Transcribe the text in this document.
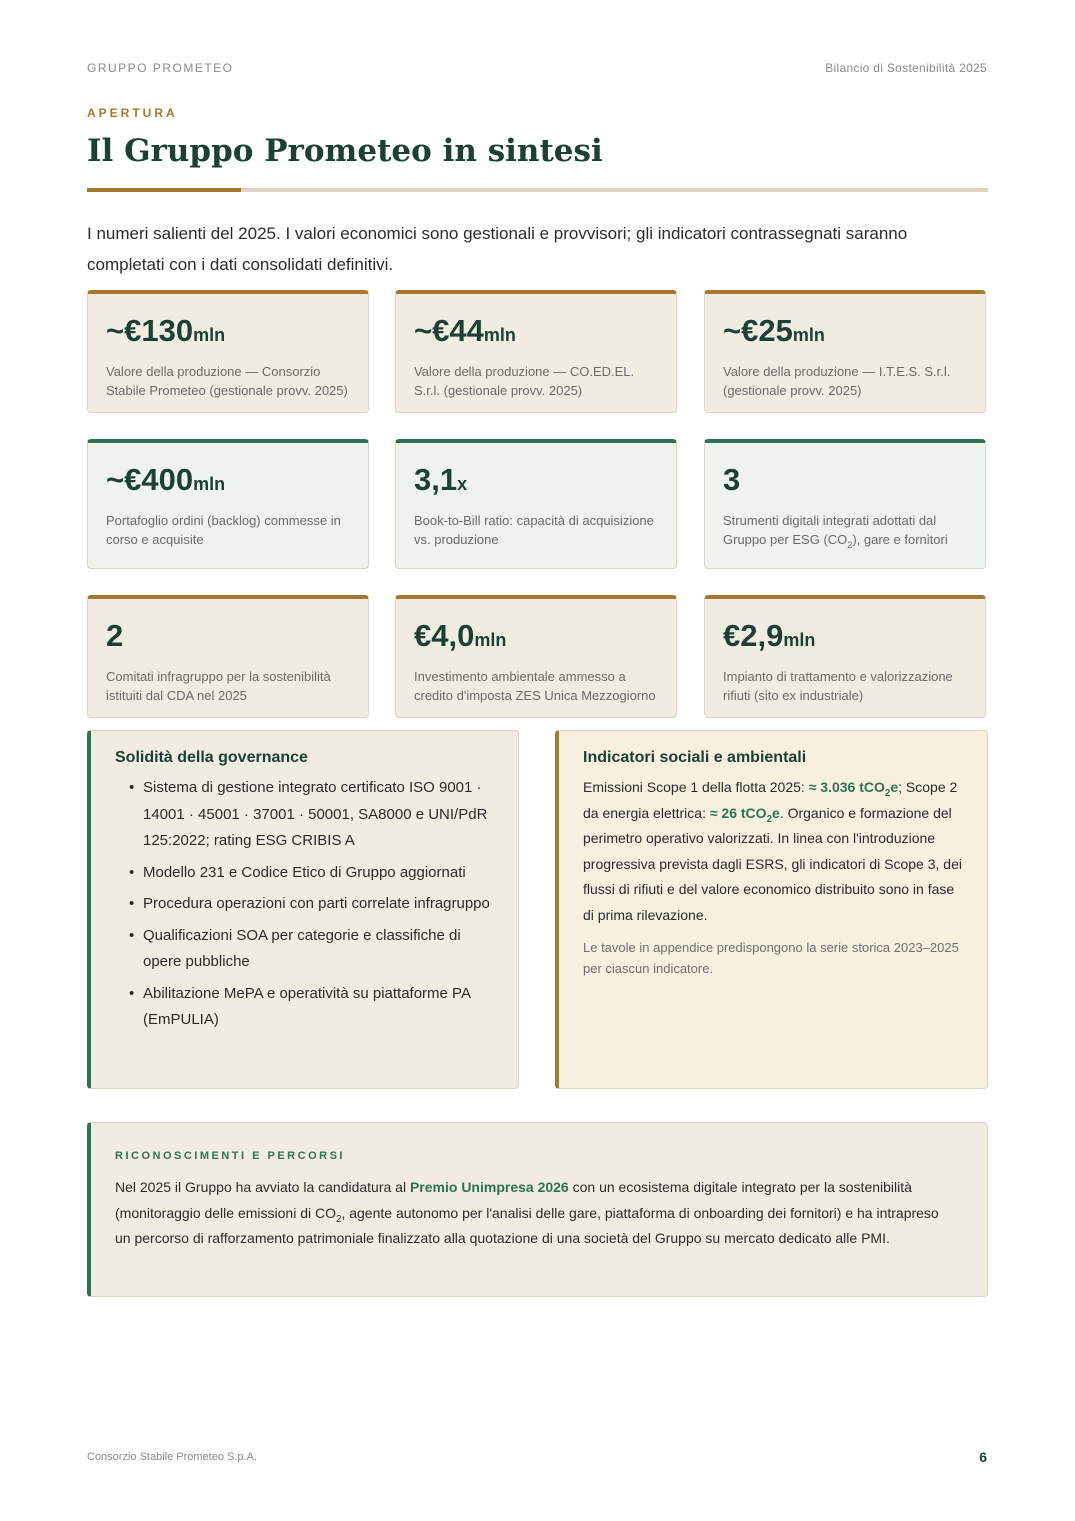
GRUPPO PROMETEO	Bilancio di Sostenibilità 2025
APERTURA
Il Gruppo Prometeo in sintesi

I numeri salienti del 2025. I valori economici sono gestionali e provvisori; gli indicatori contrassegnati saranno completati con i dati consolidati definitivi.

~€130mln
Valore della produzione — Consorzio Stabile Prometeo (gestionale provv. 2025)
~€44mln
Valore della produzione — CO.ED.EL. S.r.l. (gestionale provv. 2025)
~€25mln
Valore della produzione — I.T.E.S. S.r.l. (gestionale provv. 2025)
~€400mln
Portafoglio ordini (backlog) commesse in corso e acquisite
3,1x
Book-to-Bill ratio: capacità di acquisizione vs. produzione
3
Strumenti digitali integrati adottati dal Gruppo per ESG $(CO_2)$, gare e fornitori
2
Comitati infragruppo per la sostenibilità istituiti dal CDA nel 2025
€4,0mln
Investimento ambientale ammesso a credito d'imposta ZES Unica Mezzogiorno
€2,9mln
Impianto di trattamento e valorizzazione rifiuti (sito ex industriale)
Solidità della governance
• Sistema di gestione integrato certificato ISO 9001 · 14001 · 45001 · 37001 · 50001, SA8000 e UNI/PdR 125:2022; rating ESG CRIBIS A
• Modello 231 e Codice Etico di Gruppo aggiornati
• Procedura operazioni con parti correlate infragruppo
• Qualificazioni SOA per categorie e classifiche di opere pubbliche
• Abilitazione MePA e operatività su piattaforme PA (EmPULIA)
Indicatori sociali e ambientali

Emissioni Scope 1 della flotta 2025: ≈ 3.036 tCO$_2$e; Scope 2 da energia elettrica: ≈ 26 tCO$_2$e. Organico e formazione del perimetro operativo valorizzati. In linea con l'introduzione progressiva prevista dagli ESRS, gli indicatori di Scope 3, dei flussi di rifiuti e del valore economico distribuito sono in fase di prima rilevazione.

Le tavole in appendice predispongono la serie storica 2023–2025 per ciascun indicatore.

RICONOSCIMENTI E PERCORSI

Nel 2025 il Gruppo ha avviato la candidatura al Premio Unimpresa 2026 con un ecosistema digitale integrato per la sostenibilità (monitoraggio delle emissioni di $CO_2$, agente autonomo per l'analisi delle gare, piattaforma di onboarding dei fornitori) e ha intrapreso un percorso di rafforzamento patrimoniale finalizzato alla quotazione di una società del Gruppo su mercato dedicato alle PMI.

Consorzio Stabile Prometeo S.p.A.	6
